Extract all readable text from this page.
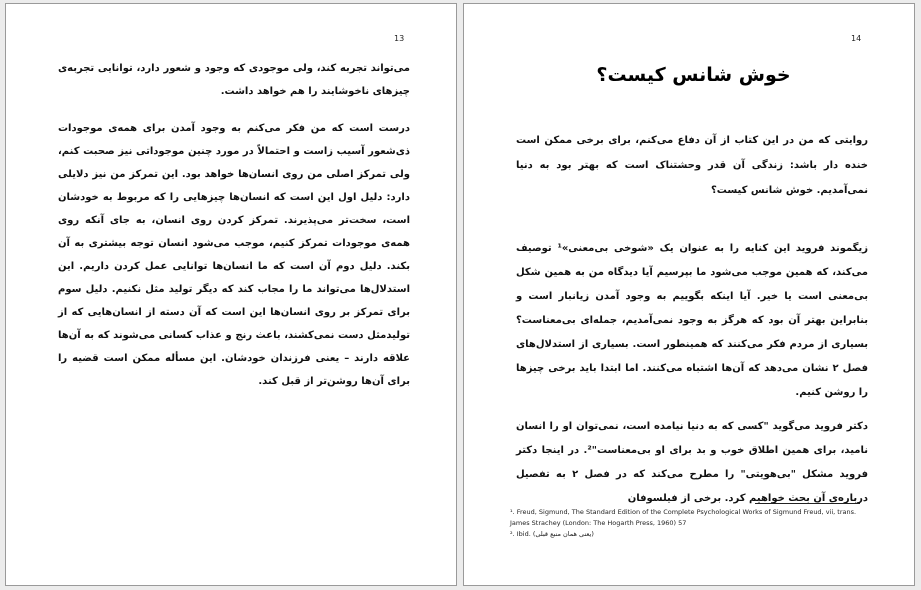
13

می‌تواند تجربه کند، ولی موجودی که وجود و شعور دارد، توانایی تجربه‌ی چیزهای ناخوشایند را هم خواهد داشت.

درست است که من فکر می‌کنم به وجود آمدن برای همه‌ی موجودات ذی‌شعور آسیب زاست و احتمالاً در مورد چنین موجوداتی نیز صحبت کنم، ولی تمرکز اصلی من روی انسان‌ها خواهد بود. این تمرکز من نیز دلایلی دارد: دلیل اول این است که انسان‌ها چیزهایی را که مربوط به خودشان است، سخت‌تر می‌پذیرند. تمرکز کردن روی انسان، به جای آنکه روی همه‌ی موجودات تمرکز کنیم، موجب می‌شود انسان توجه بیشتری به آن بکند. دلیل دوم آن است که ما انسان‌ها توانایی عمل کردن داریم. این استدلال‌ها می‌تواند ما را مجاب کند که دیگر تولید مثل نکنیم. دلیل سوم برای تمرکز بر روی انسان‌ها این است که آن دسته از انسان‌هایی که از تولیدمثل دست نمی‌کشند، باعث رنج و عذاب کسانی می‌شوند که به آن‌ها علاقه دارند – یعنی فرزندان خودشان. این مسأله ممکن است قضیه را برای آن‌ها روشن‌تر از قبل کند.

14
خوش شانس کیست؟

روایتی که من در این کتاب از آن دفاع می‌کنم، برای برخی ممکن است خنده دار باشد: زندگی آن قدر وحشتناک است که بهتر بود به دنیا نمی‌آمدیم. خوش شانس کیست؟

زیگموند فروید این کنایه را به عنوان یک «شوخی بی‌معنی»¹ توصیف می‌کند، که همین موجب می‌شود ما بپرسیم آیا دیدگاه من به همین شکل بی‌معنی است یا خیر. آیا اینکه بگوییم به وجود آمدن زیانبار است و بنابراین بهتر آن بود که هرگز به وجود نمی‌آمدیم، جمله‌ای بی‌معناست؟ بسیاری از مردم فکر می‌کنند که همینطور است. بسیاری از استدلال‌های فصل ۲ نشان می‌دهد که آن‌ها اشتباه می‌کنند. اما ابتدا باید برخی چیزها را روشن کنیم.

دکتر فروید می‌گوید "کسی که به دنیا نیامده است، نمی‌توان او را انسان نامید، برای همین اطلاق خوب و بد برای او بی‌معناست"². در اینجا دکتر فروید مشکل "بی‌هویتی" را مطرح می‌کند که در فصل ۲ به تفصیل درباره‌ی آن بحث خواهیم کرد. برخی از فیلسوفان

¹. Freud, Sigmund, The Standard Edition of the Complete Psychological Works of Sigmund Freud, vii, trans. James Strachey (London: The Hogarth Press, 1960) 57

². Ibid. (یعنی همان منبع قبلی)
